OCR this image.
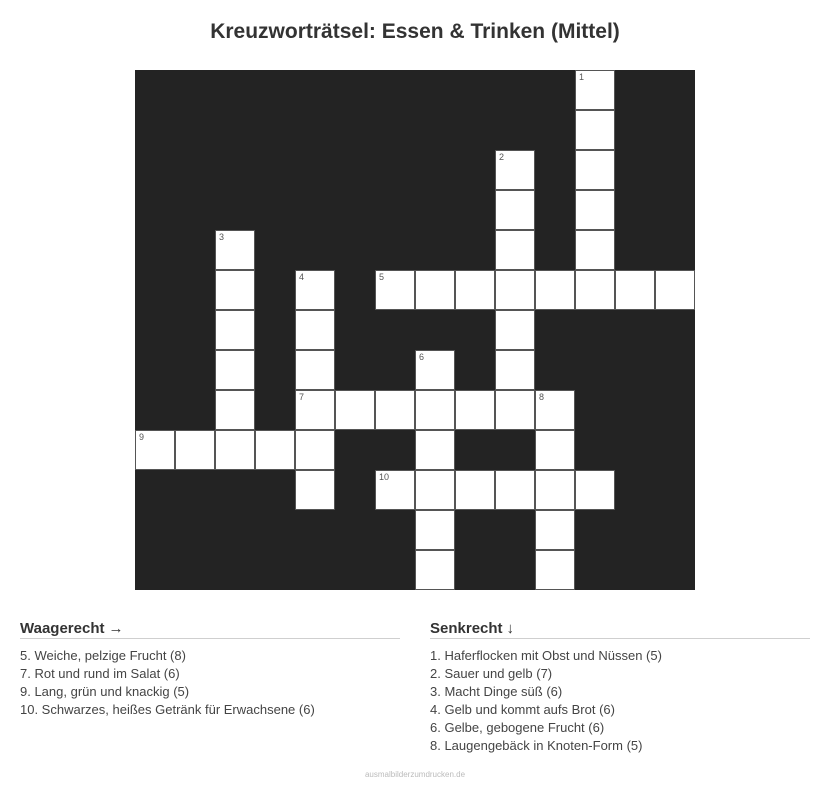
Kreuzworträtsel: Essen & Trinken (Mittel)
1
2
3
4	5
6
7	8
9
10
Waagerecht →
5. Weiche, pelzige Frucht (8)
7. Rot und rund im Salat (6)
9. Lang, grün und knackig (5)
10. Schwarzes, heißes Getränk für Erwachsene (6)
Senkrecht ↓
1. Haferflocken mit Obst und Nüssen (5)
2. Sauer und gelb (7)
3. Macht Dinge süß (6)
4. Gelb und kommt aufs Brot (6)
6. Gelbe, gebogene Frucht (6)
8. Laugengebäck in Knoten-Form (5)
ausmalbilderzumdrucken.de
